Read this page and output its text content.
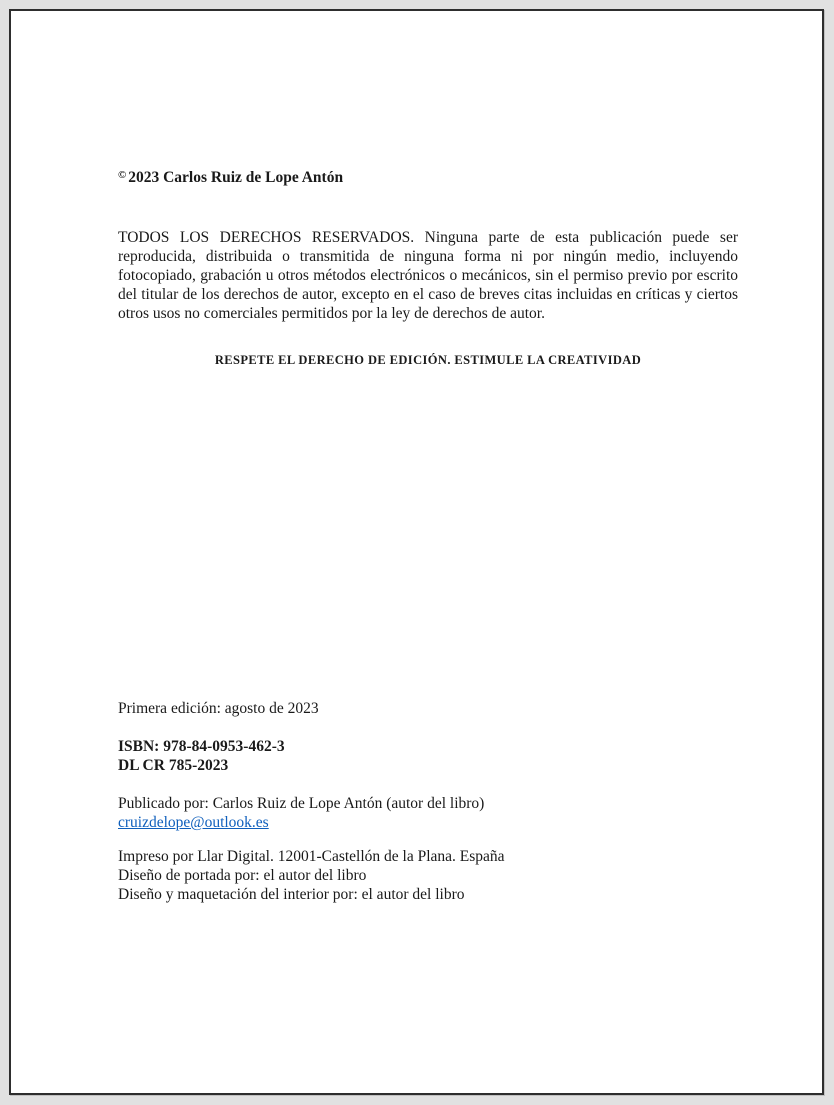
© 2023 Carlos Ruiz de Lope Antón
TODOS LOS DERECHOS RESERVADOS. Ninguna parte de esta publicación puede ser reproducida, distribuida o transmitida de ninguna forma ni por ningún medio, incluyendo fotocopiado, grabación u otros métodos electrónicos o mecánicos, sin el permiso previo por escrito del titular de los derechos de autor, excepto en el caso de breves citas incluidas en críticas y ciertos otros usos no comerciales permitidos por la ley de derechos de autor.
RESPETE EL DERECHO DE EDICIÓN. ESTIMULE LA CREATIVIDAD
Primera edición: agosto de 2023
ISBN: 978-84-0953-462-3
DL CR 785-2023
Publicado por: Carlos Ruiz de Lope Antón (autor del libro)
cruizdelope@outlook.es
Impreso por Llar Digital. 12001-Castellón de la Plana. España
Diseño de portada por: el autor del libro
Diseño y maquetación del interior por: el autor del libro
